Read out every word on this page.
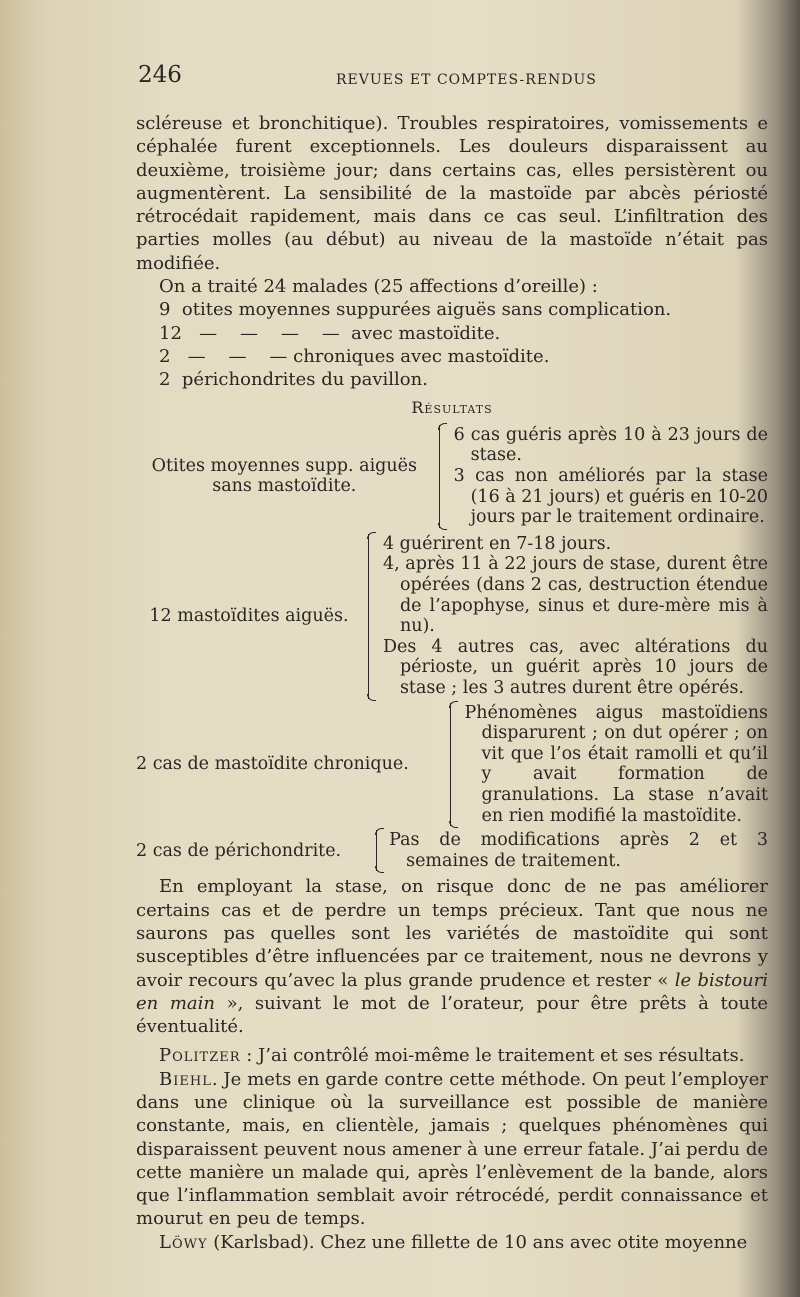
246	REVUES ET COMPTES-RENDUS

scléreuse et bronchitique). Troubles respiratoires, vomissements e céphalée furent exceptionnels. Les douleurs disparaissent au deuxième, troisième jour; dans certains cas, elles persistèrent ou augmentèrent. La sensibilité de la mastoïde par abcès périosté rétrocédait rapidement, mais dans ce cas seul. L’infiltration des parties molles (au début) au niveau de la mastoïde n’était pas modifiée.

On a traité 24 malades (25 affections d’oreille) :

9  otites moyennes suppurées aiguës sans complication.
12   —    —    —    —  avec mastoïdite.
2   —    —    — chroniques avec mastoïdite.
2  périchondrites du pavillon.
Résultats
Otites moyennes supp. aiguës
sans mastoïdite.
6 cas guéris après 10 à 23 jours de stase.
3 cas non améliorés par la stase (16 à 21 jours) et guéris en 10-20 jours par le traitement ordinaire.
12 mastoïdites aiguës.
4 guérirent en 7-18 jours.
4, après 11 à 22 jours de stase, durent être opérées (dans 2 cas, destruction étendue de l’apophyse, sinus et dure-mère mis à nu).
Des 4 autres cas, avec altérations du périoste, un guérit après 10 jours de stase ; les 3 autres durent être opérés.
2 cas de mastoïdite chronique.
Phénomènes aigus mastoïdiens disparurent ; on dut opérer ; on vit que l’os était ramolli et qu’il y avait formation de granulations. La stase n’avait en rien modifié la mastoïdite.
2 cas de périchondrite.
Pas de modifications après 2 et 3 semaines de traitement.

En employant la stase, on risque donc de ne pas améliorer certains cas et de perdre un temps précieux. Tant que nous ne saurons pas quelles sont les variétés de mastoïdite qui sont susceptibles d’être influencées par ce traitement, nous ne devrons y avoir recours qu’avec la plus grande prudence et rester « le bistouri en main », suivant le mot de l’orateur, pour être prêts à toute éventualité.

Politzer : J’ai contrôlé moi-même le traitement et ses résultats.

Biehl. Je mets en garde contre cette méthode. On peut l’employer dans une clinique où la surveillance est possible de manière constante, mais, en clientèle, jamais ; quelques phénomènes qui disparaissent peuvent nous amener à une erreur fatale. J’ai perdu de cette manière un malade qui, après l’enlèvement de la bande, alors que l’inflammation semblait avoir rétrocédé, perdit connaissance et mourut en peu de temps.

Löwy (Karlsbad). Chez une fillette de 10 ans avec otite moyenne
